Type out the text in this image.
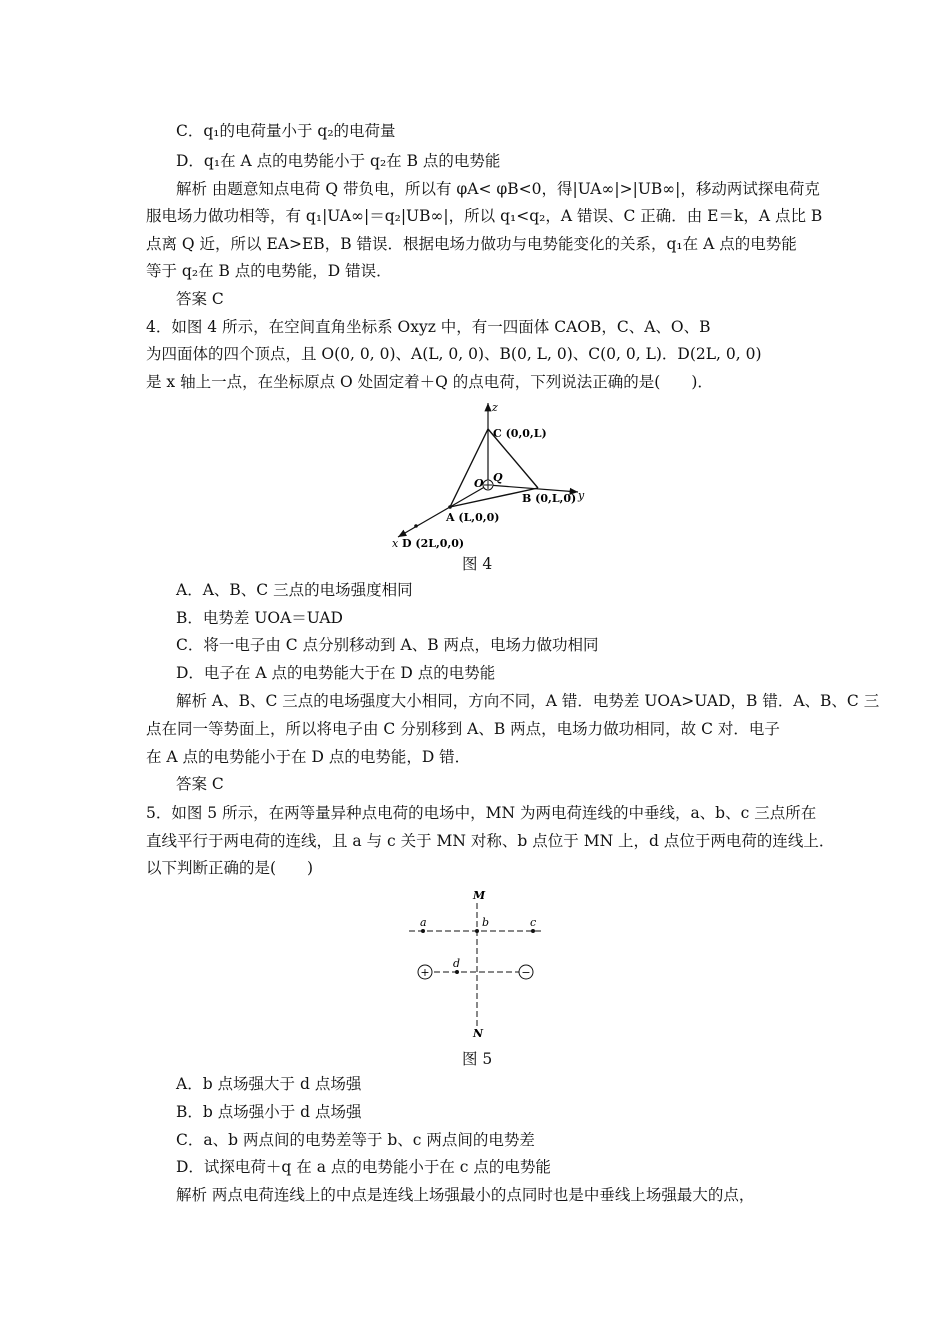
C．q₁的电荷量小于 q₂的电荷量
D．q₁在 A 点的电势能小于 q₂在 B 点的电势能
解析 由题意知点电荷 Q 带负电，所以有 φA< φB<0，得|UA∞|>|UB∞|，移动两试探电荷克
服电场力做功相等，有 q₁|UA∞|＝q₂|UB∞|，所以 q₁<q₂，A 错误、C 正确．由 E＝k，A 点比 B
点离 Q 近，所以 EA>EB，B 错误．根据电场力做功与电势能变化的关系，q₁在 A 点的电势能
等于 q₂在 B 点的电势能，D 错误．
答案 C
4．如图 4 所示，在空间直角坐标系 Oxyz 中，有一四面体 CAOB，C、A、O、B
为四面体的四个顶点，且 O(0, 0, 0)、A(L, 0, 0)、B(0, L, 0)、C(0, 0, L)．D(2L, 0, 0)
是 x 轴上一点，在坐标原点 O 处固定着＋Q 的点电荷，下列说法正确的是(　　)．
z
y
x
C (0,0,L)
O Q
B (0,L,0)
A (L,0,0)
D (2L,0,0)
图 4
A．A、B、C 三点的电场强度相同
B．电势差 UOA＝UAD
C．将一电子由 C 点分别移动到 A、B 两点，电场力做功相同
D．电子在 A 点的电势能大于在 D 点的电势能
解析 A、B、C 三点的电场强度大小相同，方向不同，A 错．电势差 UOA>UAD，B 错．A、B、C 三
点在同一等势面上，所以将电子由 C 分别移到 A、B 两点，电场力做功相同，故 C 对．电子
在 A 点的电势能小于在 D 点的电势能，D 错．
答案 C
5．如图 5 所示，在两等量异种点电荷的电场中，MN 为两电荷连线的中垂线，a、b、c 三点所在
直线平行于两电荷的连线，且 a 与 c 关于 MN 对称、b 点位于 MN 上，d 点位于两电荷的连线上．
以下判断正确的是(　　)
+	−
M
N
a	b	c
d
图 5
A．b 点场强大于 d 点场强
B．b 点场强小于 d 点场强
C．a、b 两点间的电势差等于 b、c 两点间的电势差
D．试探电荷＋q 在 a 点的电势能小于在 c 点的电势能
解析 两点电荷连线上的中点是连线上场强最小的点同时也是中垂线上场强最大的点，
